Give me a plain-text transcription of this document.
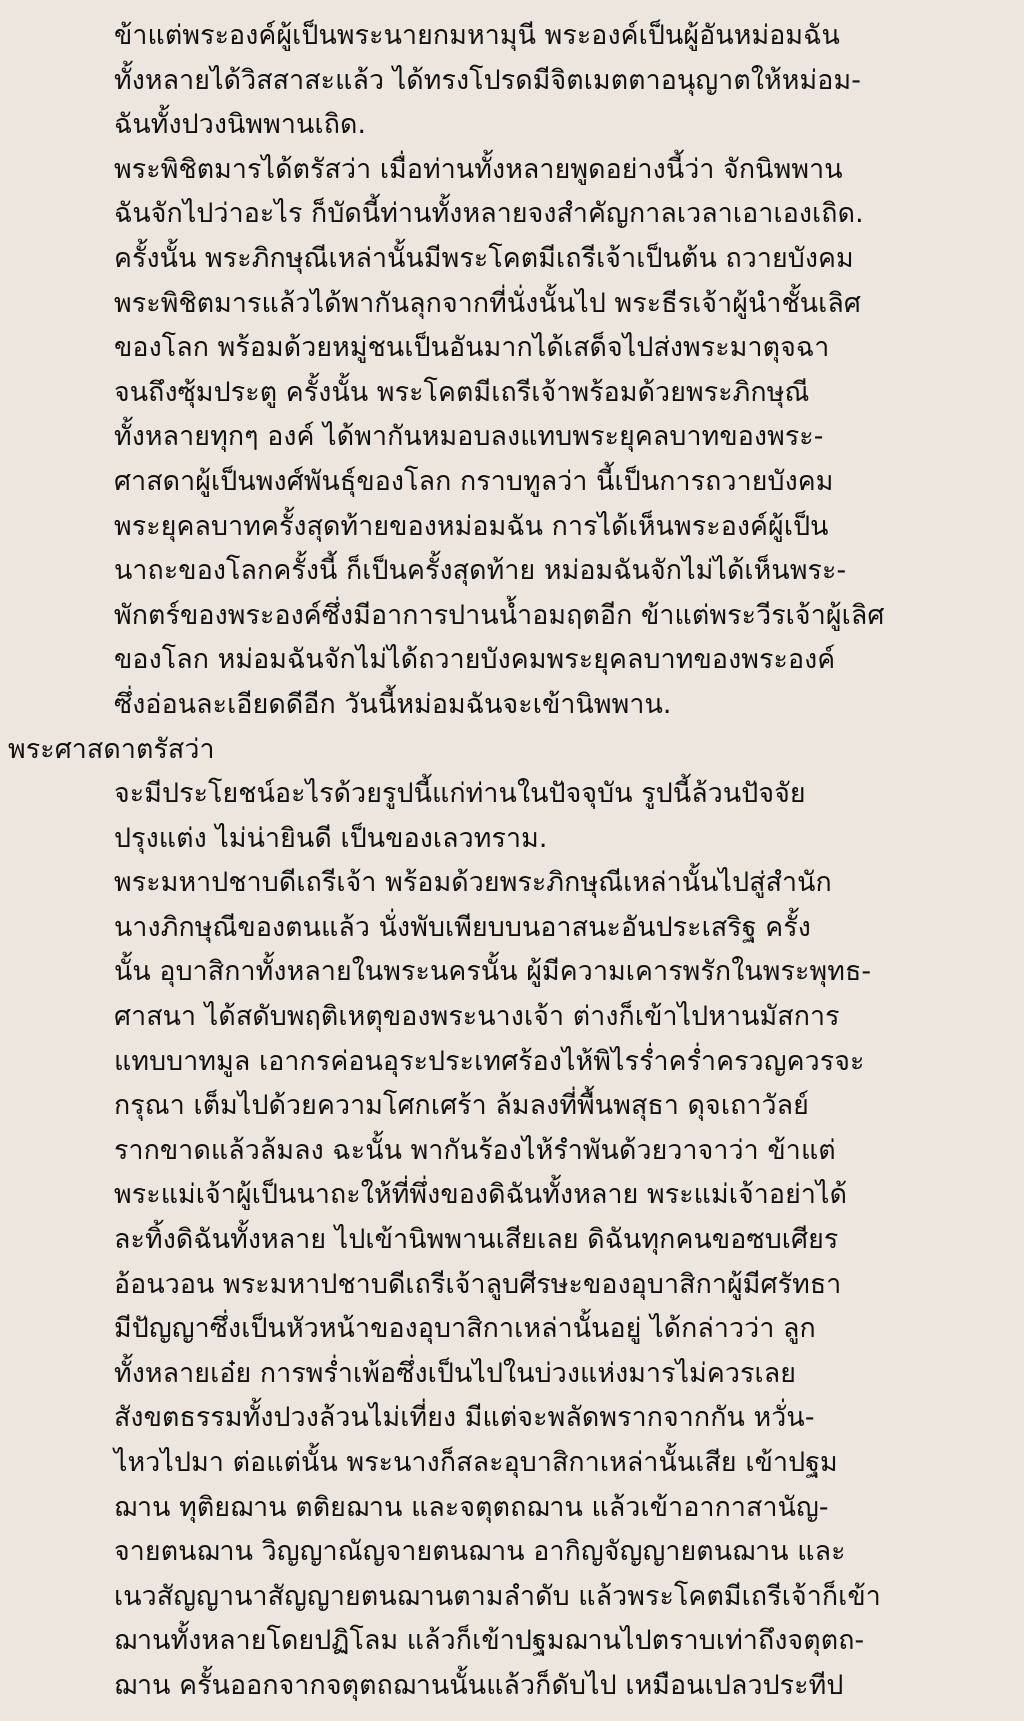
ข้าแต่พระองค์ผู้เป็นพระนายกมหามุนี พระองค์เป็นผู้อันหม่อมฉัน
ทั้งหลายได้วิสสาสะแล้ว ได้ทรงโปรดมีจิตเมตตาอนุญาตให้หม่อม-
ฉันทั้งปวงนิพพานเถิด.
พระพิชิตมารได้ตรัสว่า เมื่อท่านทั้งหลายพูดอย่างนี้ว่า จักนิพพาน
ฉันจักไปว่าอะไร ก็บัดนี้ท่านทั้งหลายจงสำคัญกาลเวลาเอาเองเถิด.
ครั้งนั้น พระภิกษุณีเหล่านั้นมีพระโคตมีเถรีเจ้าเป็นต้น ถวายบังคม
พระพิชิตมารแล้วได้พากันลุกจากที่นั่งนั้นไป พระธีรเจ้าผู้นำชั้นเลิศ
ของโลก พร้อมด้วยหมู่ชนเป็นอันมากได้เสด็จไปส่งพระมาตุจฉา
จนถึงซุ้มประตู ครั้งนั้น พระโคตมีเถรีเจ้าพร้อมด้วยพระภิกษุณี
ทั้งหลายทุกๆ องค์ ได้พากันหมอบลงแทบพระยุคลบาทของพระ-
ศาสดาผู้เป็นพงศ์พันธุ์ของโลก กราบทูลว่า นี้เป็นการถวายบังคม
พระยุคลบาทครั้งสุดท้ายของหม่อมฉัน การได้เห็นพระองค์ผู้เป็น
นาถะของโลกครั้งนี้ ก็เป็นครั้งสุดท้าย หม่อมฉันจักไม่ได้เห็นพระ-
พักตร์ของพระองค์ซึ่งมีอาการปานน้ำอมฤตอีก ข้าแต่พระวีรเจ้าผู้เลิศ
ของโลก หม่อมฉันจักไม่ได้ถวายบังคมพระยุคลบาทของพระองค์
ซึ่งอ่อนละเอียดดีอีก วันนี้หม่อมฉันจะเข้านิพพาน.
พระศาสดาตรัสว่า
จะมีประโยชน์อะไรด้วยรูปนี้แก่ท่านในปัจจุบัน รูปนี้ล้วนปัจจัย
ปรุงแต่ง ไม่น่ายินดี เป็นของเลวทราม.
พระมหาปชาบดีเถรีเจ้า พร้อมด้วยพระภิกษุณีเหล่านั้นไปสู่สำนัก
นางภิกษุณีของตนแล้ว นั่งพับเพียบบนอาสนะอันประเสริฐ ครั้ง
นั้น อุบาสิกาทั้งหลายในพระนครนั้น ผู้มีความเคารพรักในพระพุทธ-
ศาสนา ได้สดับพฤติเหตุของพระนางเจ้า ต่างก็เข้าไปหานมัสการ
แทบบาทมูล เอากรค่อนอุระประเทศร้องไห้พิไรร่ำคร่ำครวญควรจะ
กรุณา เต็มไปด้วยความโศกเศร้า ล้มลงที่พื้นพสุธา ดุจเถาวัลย์
รากขาดแล้วล้มลง ฉะนั้น พากันร้องไห้รำพันด้วยวาจาว่า ข้าแต่
พระแม่เจ้าผู้เป็นนาถะให้ที่พึ่งของดิฉันทั้งหลาย พระแม่เจ้าอย่าได้
ละทิ้งดิฉันทั้งหลาย ไปเข้านิพพานเสียเลย ดิฉันทุกคนขอซบเศียร
อ้อนวอน พระมหาปชาบดีเถรีเจ้าลูบศีรษะของอุบาสิกาผู้มีศรัทธา
มีปัญญาซึ่งเป็นหัวหน้าของอุบาสิกาเหล่านั้นอยู่ ได้กล่าวว่า ลูก
ทั้งหลายเอ๋ย การพร่ำเพ้อซึ่งเป็นไปในบ่วงแห่งมารไม่ควรเลย
สังขตธรรมทั้งปวงล้วนไม่เที่ยง มีแต่จะพลัดพรากจากกัน หวั่น-
ไหวไปมา ต่อแต่นั้น พระนางก็สละอุบาสิกาเหล่านั้นเสีย เข้าปฐม
ฌาน ทุติยฌาน ตติยฌาน และจตุตถฌาน แล้วเข้าอากาสานัญ-
จายตนฌาน วิญญาณัญจายตนฌาน อากิญจัญญายตนฌาน และ
เนวสัญญานาสัญญายตนฌานตามลำดับ แล้วพระโคตมีเถรีเจ้าก็เข้า
ฌานทั้งหลายโดยปฏิโลม แล้วก็เข้าปฐมฌานไปตราบเท่าถึงจตุตถ-
ฌาน ครั้นออกจากจตุตถฌานนั้นแล้วก็ดับไป เหมือนเปลวประทีป
